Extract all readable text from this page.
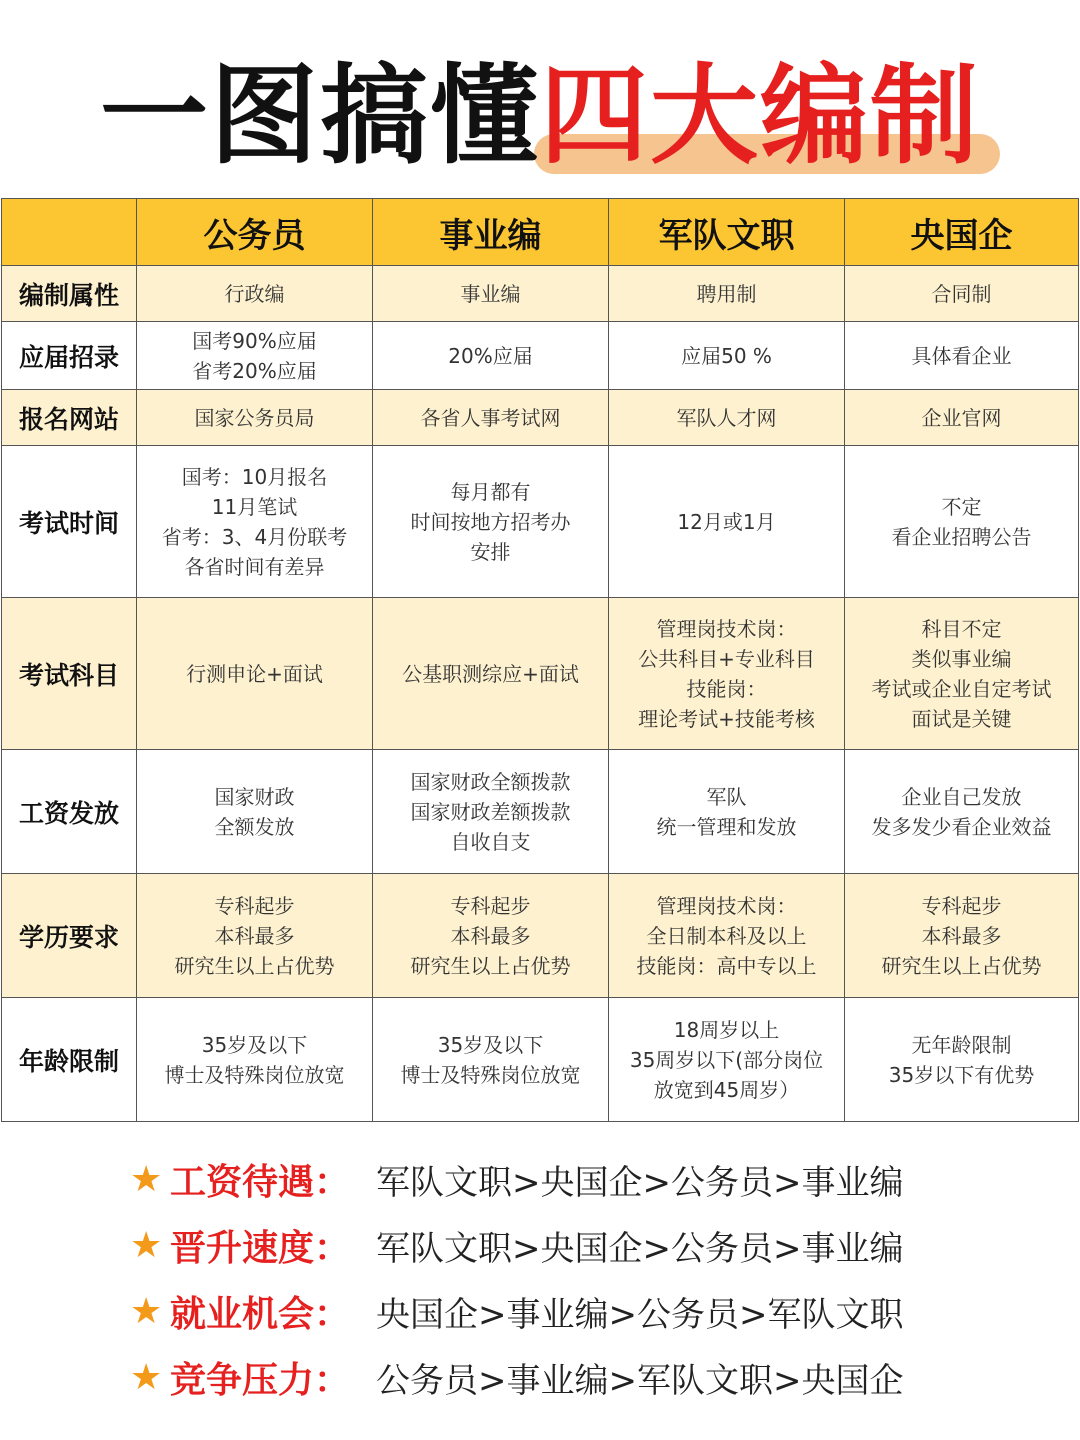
一图搞懂四大编制
	公务员	事业编	军队文职	央国企
编制属性	行政编	事业编	聘用制	合同制

应届招录	国考90%应届
省考20%应届	20%应届	应届50 %	具体看企业

报名网站	国家公务员局	各省人事考试网	军队人才网	企业官网

考试时间	国考：10月报名
11月笔试
省考：3、4月份联考
各省时间有差异	每月都有
时间按地方招考办
安排	12月或1月	不定
看企业招聘公告

考试科目	行测申论+面试	公基职测综应+面试	管理岗技术岗：
公共科目+专业科目
技能岗：
理论考试+技能考核	科目不定
类似事业编
考试或企业自定考试
面试是关键

工资发放	国家财政
全额发放	国家财政全额拨款
国家财政差额拨款
自收自支	军队
统一管理和发放	企业自己发放
发多发少看企业效益

学历要求	专科起步
本科最多
研究生以上占优势	专科起步
本科最多
研究生以上占优势	管理岗技术岗：
全日制本科及以上
技能岗：高中专以上	专科起步
本科最多
研究生以上占优势

年龄限制	35岁及以下
博士及特殊岗位放宽	35岁及以下
博士及特殊岗位放宽	18周岁以上
35周岁以下(部分岗位
放宽到45周岁）	无年龄限制
35岁以下有优势
★ 工资待遇： 军队文职>央国企>公务员>事业编
★ 晋升速度： 军队文职>央国企>公务员>事业编
★ 就业机会： 央国企>事业编>公务员>军队文职
★ 竞争压力： 公务员>事业编>军队文职>央国企
